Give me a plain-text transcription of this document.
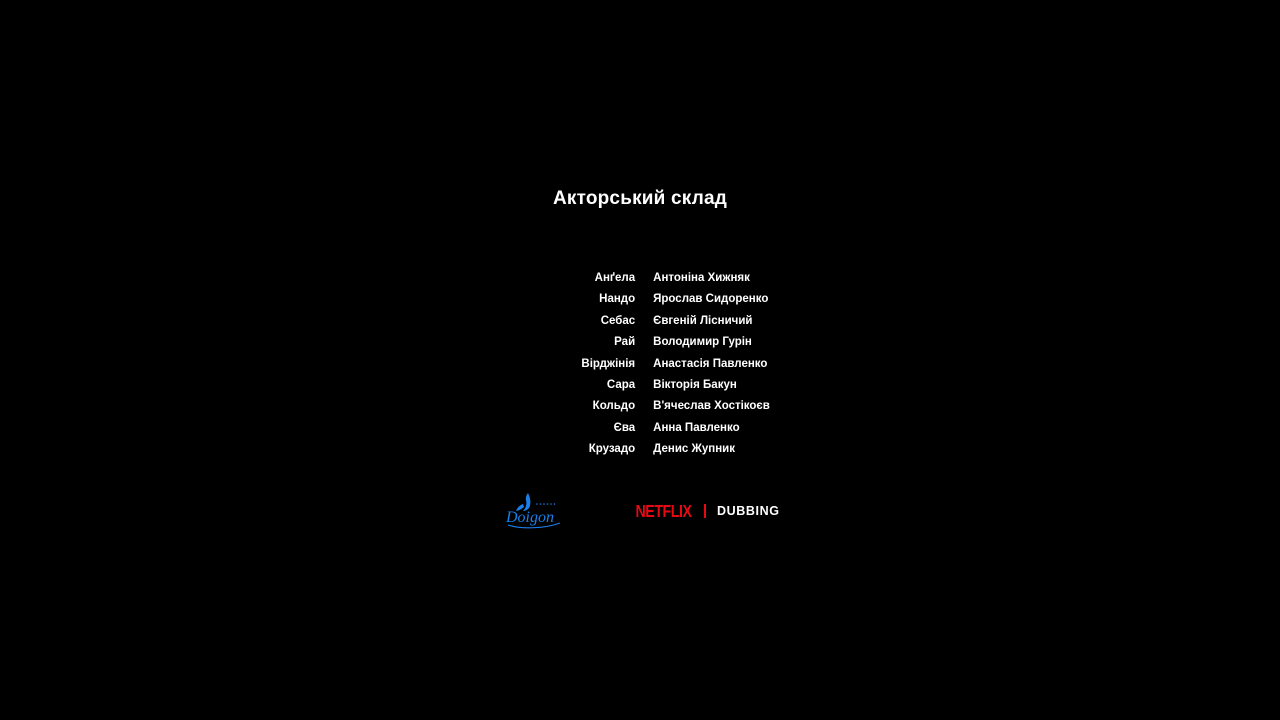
Акторський склад
Анґела Антоніна Хижняк
Нандо Ярослав Сидоренко
Себас Євгеній Лісничий
Рай Володимир Гурін
Вірджінія Анастасія Павленко
Сара Вікторія Бакун
Кольдо В'ячеслав Хостікоєв
Єва Анна Павленко
Крузадо Денис Жупник
Doigon	NETFLIX DUBBING
